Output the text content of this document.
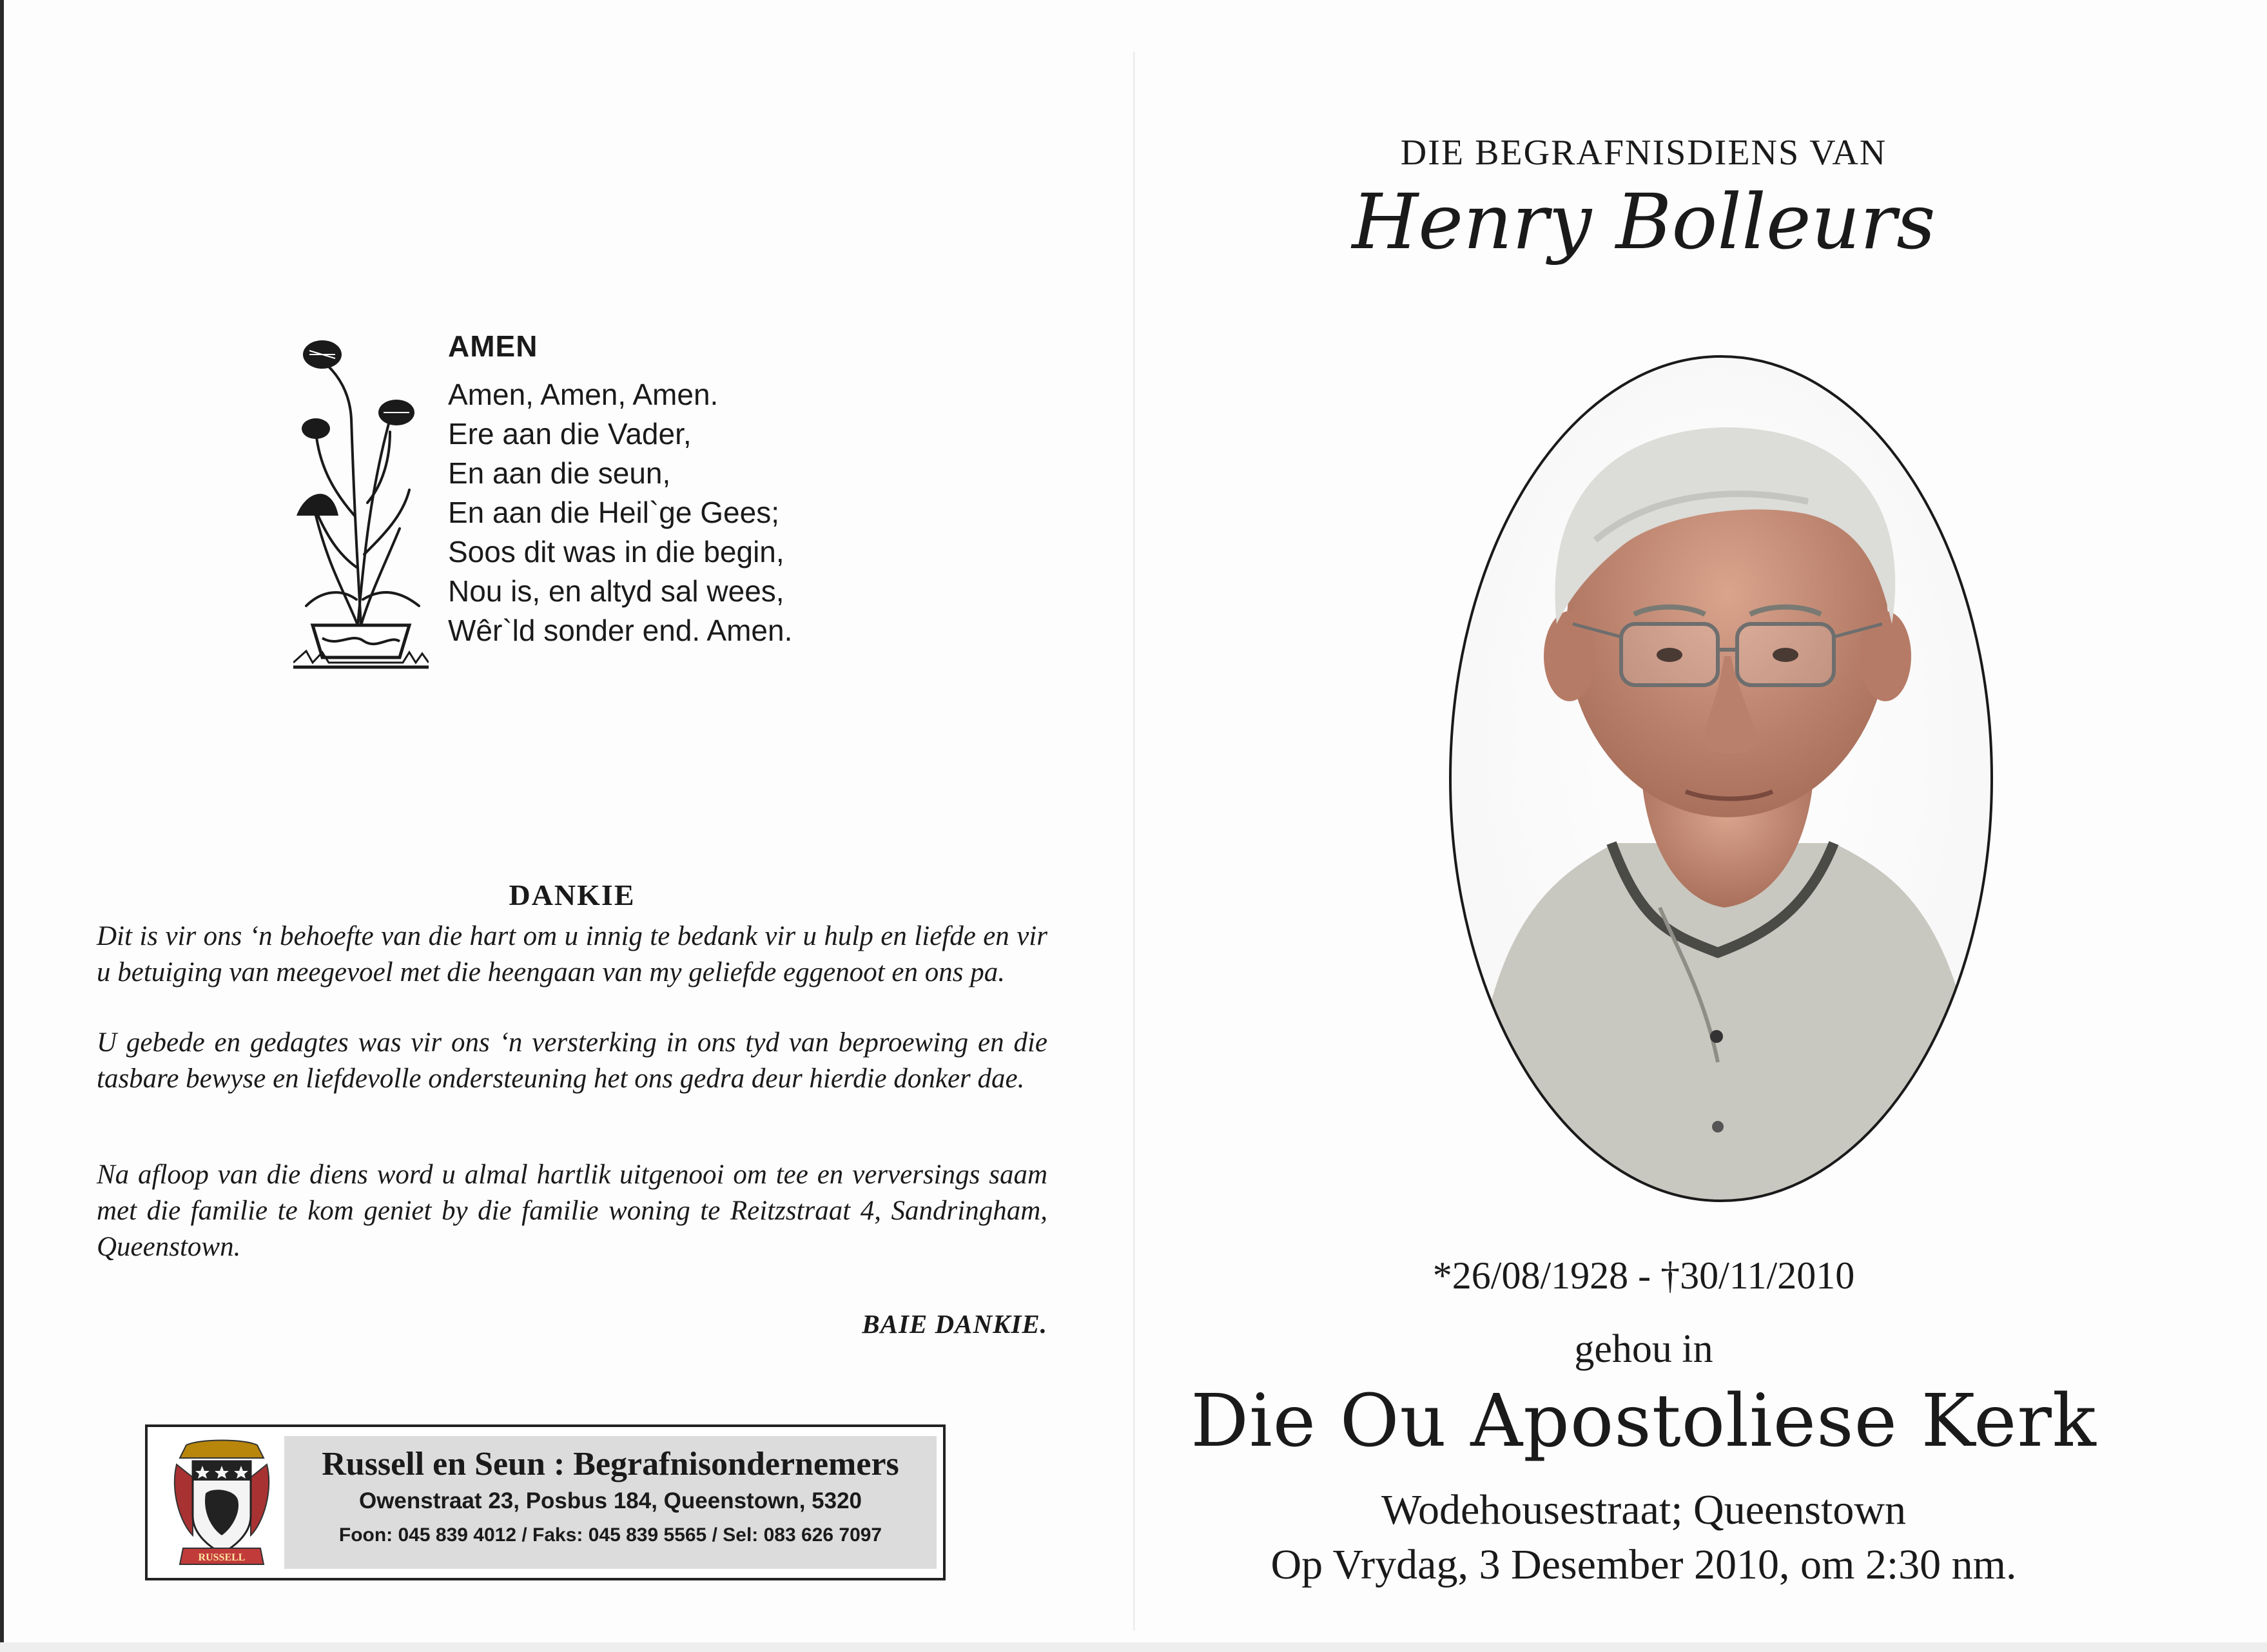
AMEN
Amen, Amen, Amen.
Ere aan die Vader,
En aan die seun,
En aan die Heil`ge Gees;
Soos dit was in die begin,
Nou is, en altyd sal wees,
Wêr`ld sonder end. Amen.
DANKIE
Dit is vir ons ‘n behoefte van die hart om u innig te bedank vir u hulp en liefde en vir u betuiging van meegevoel met die heengaan van my geliefde eggenoot en ons pa.
U gebede en gedagtes was vir ons ‘n versterking in ons tyd van beproewing en die tasbare bewyse en liefdevolle ondersteuning het ons gedra deur hierdie donker dae.
Na afloop van die diens word u almal hartlik uitgenooi om tee en verversings saam met die familie te kom geniet by die familie woning te Reitzstraat 4, Sandringham, Queenstown.
BAIE DANKIE.
RUSSELL
Russell en Seun : Begrafnisondernemers
Owenstraat 23, Posbus 184, Queenstown, 5320
Foon: 045 839 4012 / Faks: 045 839 5565 / Sel: 083 626 7097
DIE BEGRAFNISDIENS VAN
Henry Bolleurs
*26/08/1928 - †30/11/2010
gehou in
Die Ou Apostoliese Kerk
Wodehousestraat; Queenstown
Op Vrydag, 3 Desember 2010, om 2:30 nm.
